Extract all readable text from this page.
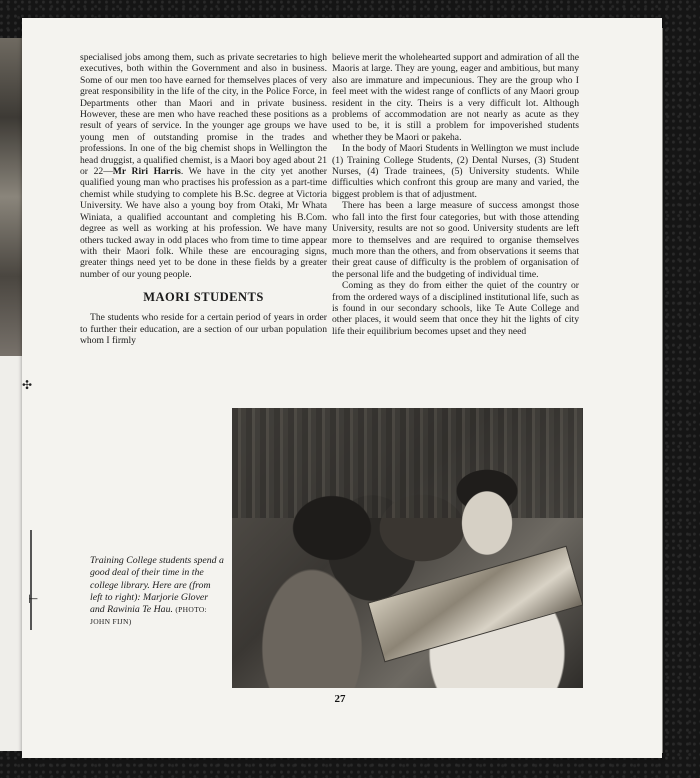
specialised jobs among them, such as private secretaries to high executives, both within the Government and also in business. Some of our men too have earned for themselves places of very great responsibility in the life of the city, in the Police Force, in Departments other than Maori and in private business. However, these are men who have reached these positions as a result of years of service. In the younger age groups we have young men of outstanding promise in the trades and professions. In one of the big chemist shops in Wellington the head druggist, a qualified chemist, is a Maori boy aged about 21 or 22—Mr Riri Harris. We have in the city yet another qualified young man who practises his profession as a part-time chemist while studying to complete his B.Sc. degree at Victoria University. We have also a young boy from Otaki, Mr Whata Winiata, a qualified accountant and completing his B.Com. degree as well as working at his profession. We have many others tucked away in odd places who from time to time appear with their Maori folk. While these are encouraging signs, greater things need yet to be done in these fields by a greater number of our young people.

MAORI STUDENTS

The students who reside for a certain period of years in order to further their education, are a section of our urban population whom I firmly

believe merit the wholehearted support and admiration of all the Maoris at large. They are young, eager and ambitious, but many also are immature and impecunious. They are the group who I feel meet with the widest range of conflicts of any Maori group resident in the city. Theirs is a very difficult lot. Although problems of accommodation are not nearly as acute as they used to be, it is still a problem for impoverished students whether they be Maori or pakeha.

In the body of Maori Students in Wellington we must include (1) Training College Students, (2) Dental Nurses, (3) Student Nurses, (4) Trade trainees, (5) University students. While difficulties which confront this group are many and varied, the biggest problem is that of adjustment.

There has been a large measure of success amongst those who fall into the first four categories, but with those attending University, results are not so good. University students are left more to themselves and are required to organise themselves much more than the others, and from observations it seems that their great cause of difficulty is the problem of organisation of the personal life and the budgeting of individual time.

Coming as they do from either the quiet of the country or from the ordered ways of a disciplined institutional life, such as is found in our secondary schools, like Te Aute College and other places, it would seem that once they hit the lights of city life their equilibrium becomes upset and they need

Training College students spend a good deal of their time in the college library. Here are (from left to right): Marjorie Glover and Rawinia Te Hau. (PHOTO: JOHN FIJN)
27
✣
⊢
